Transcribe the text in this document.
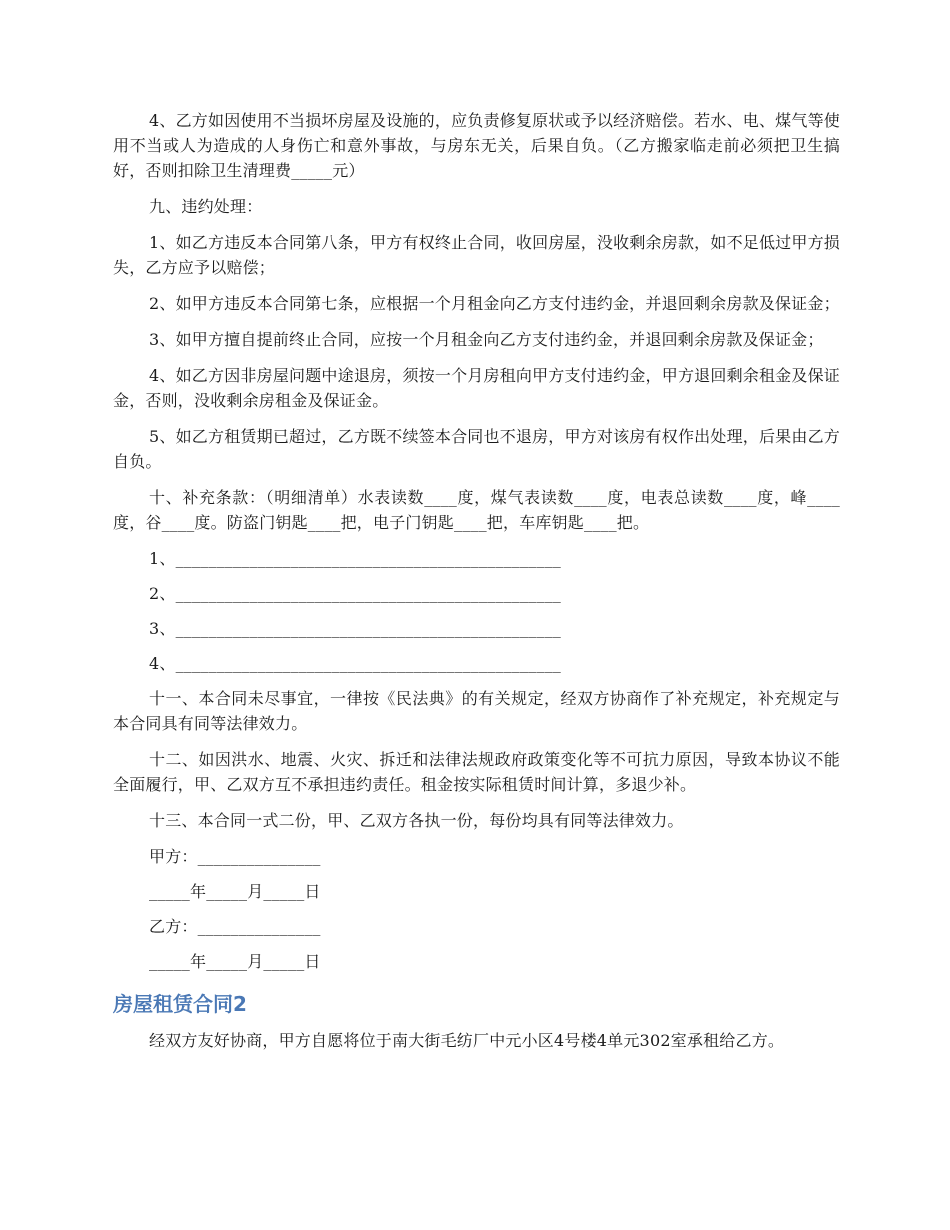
4、乙方如因使用不当损坏房屋及设施的，应负责修复原状或予以经济赔偿。若水、电、煤气等使用不当或人为造成的人身伤亡和意外事故，与房东无关，后果自负。（乙方搬家临走前必须把卫生搞好，否则扣除卫生清理费_____元）

九、违约处理：

1、如乙方违反本合同第八条，甲方有权终止合同，收回房屋，没收剩余房款，如不足低过甲方损失，乙方应予以赔偿；

2、如甲方违反本合同第七条，应根据一个月租金向乙方支付违约金，并退回剩余房款及保证金；

3、如甲方擅自提前终止合同，应按一个月租金向乙方支付违约金，并退回剩余房款及保证金；

4、如乙方因非房屋问题中途退房，须按一个月房租向甲方支付违约金，甲方退回剩余租金及保证金，否则，没收剩余房租金及保证金。

5、如乙方租赁期已超过，乙方既不续签本合同也不退房，甲方对该房有权作出处理，后果由乙方自负。

十、补充条款：（明细清单）水表读数____度，煤气表读数____度，电表总读数____度，峰____度，谷____度。防盗门钥匙____把，电子门钥匙____把，车库钥匙____把。

1、_______________________________________________
2、_______________________________________________
3、_______________________________________________
4、_______________________________________________

十一、本合同未尽事宜，一律按《民法典》的有关规定，经双方协商作了补充规定，补充规定与本合同具有同等法律效力。

十二、如因洪水、地震、火灾、拆迁和法律法规政府政策变化等不可抗力原因，导致本协议不能全面履行，甲、乙双方互不承担违约责任。租金按实际租赁时间计算，多退少补。

十三、本合同一式二份，甲、乙双方各执一份，每份均具有同等法律效力。

甲方：_______________
_____年_____月_____日
乙方：_______________
_____年_____月_____日
房屋租赁合同2

经双方友好协商，甲方自愿将位于南大街毛纺厂中元小区4号楼4单元302室承租给乙方。
